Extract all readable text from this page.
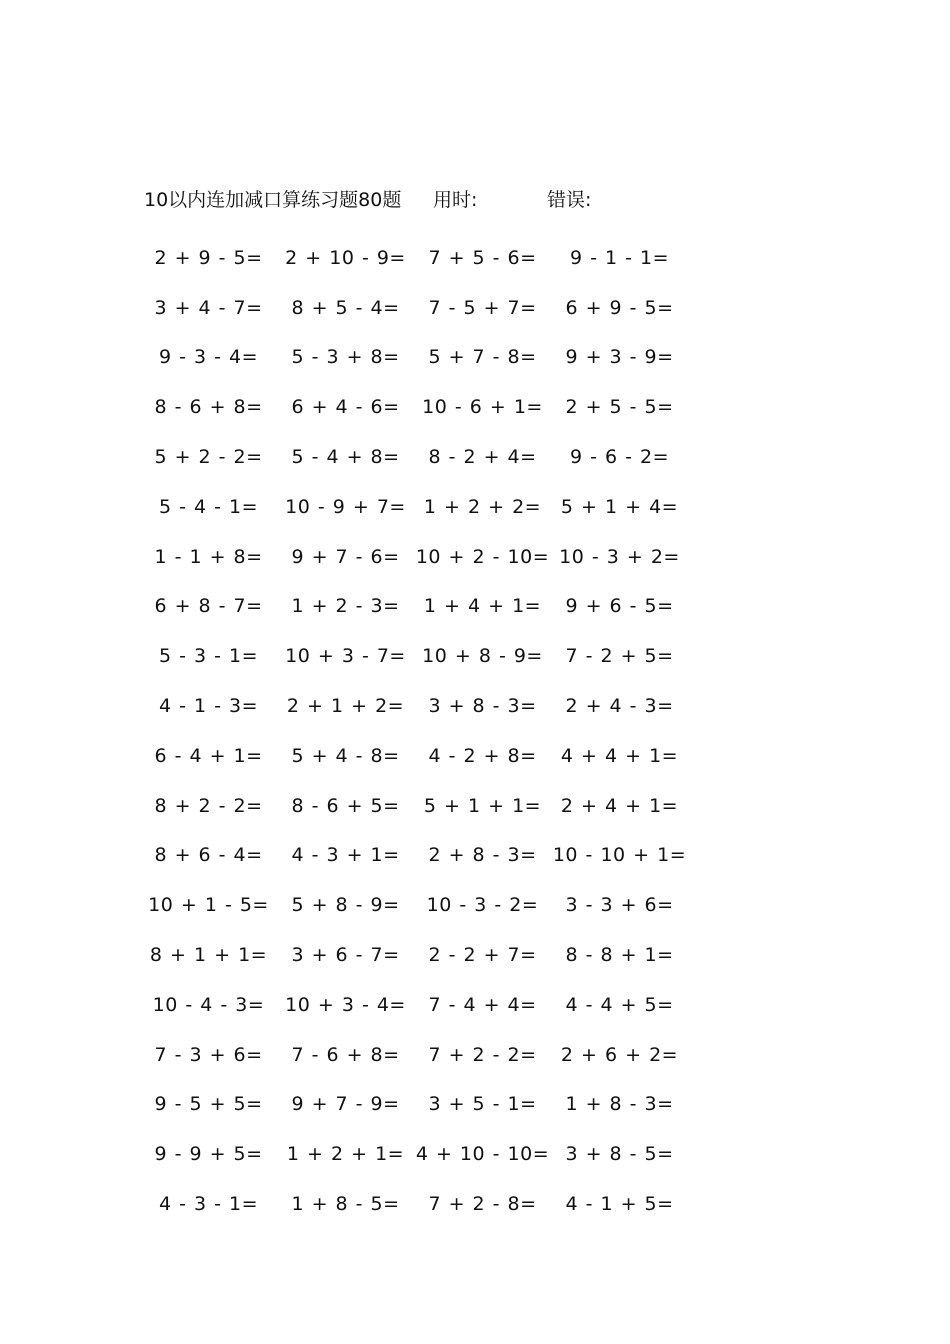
10以内连加减口算练习题80题 用时:	错误:
2 + 9 - 5=	2 + 10 - 9=	7 + 5 - 6=	9 - 1 - 1=
3 + 4 - 7=	8 + 5 - 4=	7 - 5 + 7=	6 + 9 - 5=
9 - 3 - 4=	5 - 3 + 8=	5 + 7 - 8=	9 + 3 - 9=
8 - 6 + 8=	6 + 4 - 6=	10 - 6 + 1=	2 + 5 - 5=
5 + 2 - 2=	5 - 4 + 8=	8 - 2 + 4=	9 - 6 - 2=
5 - 4 - 1=	10 - 9 + 7= 1 + 2 + 2=	5 + 1 + 4=
1 - 1 + 8=	9 + 7 - 6= 10 + 2 - 10= 10 - 3 + 2=
6 + 8 - 7=	1 + 2 - 3=	1 + 4 + 1=	9 + 6 - 5=
5 - 3 - 1=	10 + 3 - 7= 10 + 8 - 9=	7 - 2 + 5=
4 - 1 - 3=	2 + 1 + 2=	3 + 8 - 3=	2 + 4 - 3=
6 - 4 + 1=	5 + 4 - 8=	4 - 2 + 8=	4 + 4 + 1=
8 + 2 - 2=	8 - 6 + 5=	5 + 1 + 1=	2 + 4 + 1=
8 + 6 - 4=	4 - 3 + 1=	2 + 8 - 3= 10 - 10 + 1=
10 + 1 - 5=	5 + 8 - 9=	10 - 3 - 2=	3 - 3 + 6=
8 + 1 + 1=	3 + 6 - 7=	2 - 2 + 7=	8 - 8 + 1=
10 - 4 - 3=	10 + 3 - 4=	7 - 4 + 4=	4 - 4 + 5=
7 - 3 + 6=	7 - 6 + 8=	7 + 2 - 2=	2 + 6 + 2=
9 - 5 + 5=	9 + 7 - 9=	3 + 5 - 1=	1 + 8 - 3=
9 - 9 + 5=	1 + 2 + 1= 4 + 10 - 10= 3 + 8 - 5=
4 - 3 - 1=	1 + 8 - 5=	7 + 2 - 8=	4 - 1 + 5=
